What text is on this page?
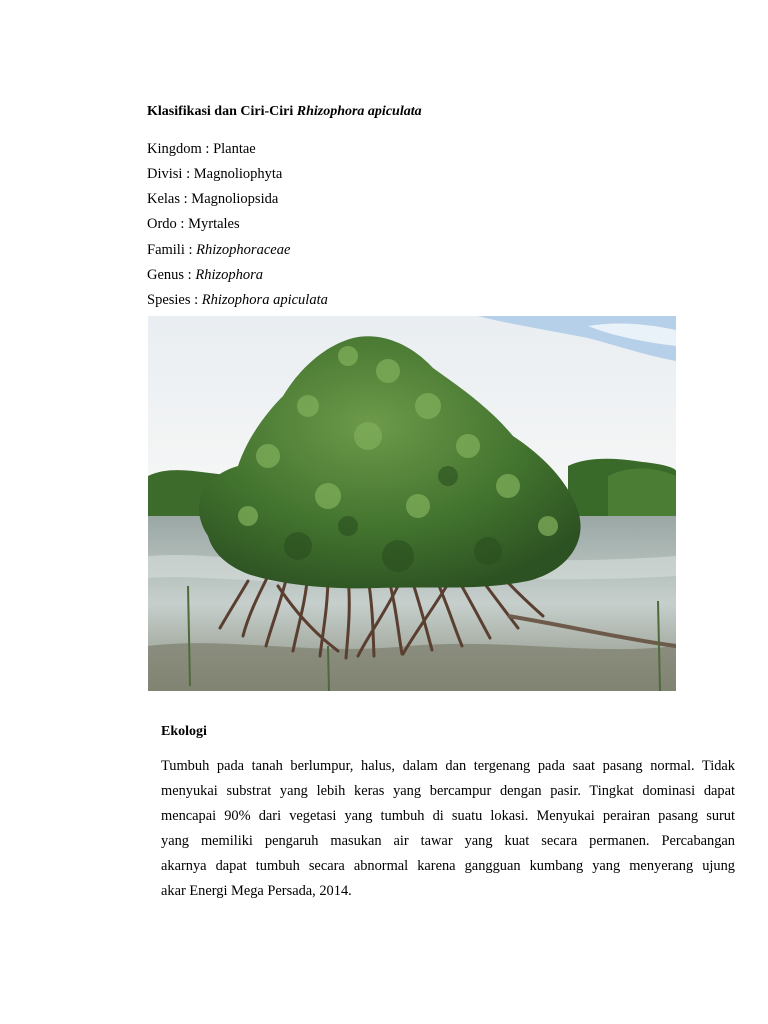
Klasifikasi dan Ciri-Ciri Rhizophora apiculata
Kingdom : Plantae
Divisi : Magnoliophyta
Kelas : Magnoliopsida
Ordo : Myrtales
Famili : Rhizophoraceae
Genus : Rhizophora
Spesies : Rhizophora apiculata
Ekologi
Tumbuh pada tanah berlumpur, halus, dalam dan tergenang pada saat pasang normal. Tidak
menyukai substrat yang lebih keras yang bercampur dengan pasir. Tingkat dominasi dapat
mencapai 90% dari vegetasi yang tumbuh di suatu lokasi. Menyukai perairan pasang surut
yang memiliki pengaruh masukan air tawar yang kuat secara permanen. Percabangan
akarnya dapat tumbuh secara abnormal karena gangguan kumbang yang menyerang ujung
akar Energi Mega Persada, 2014.
